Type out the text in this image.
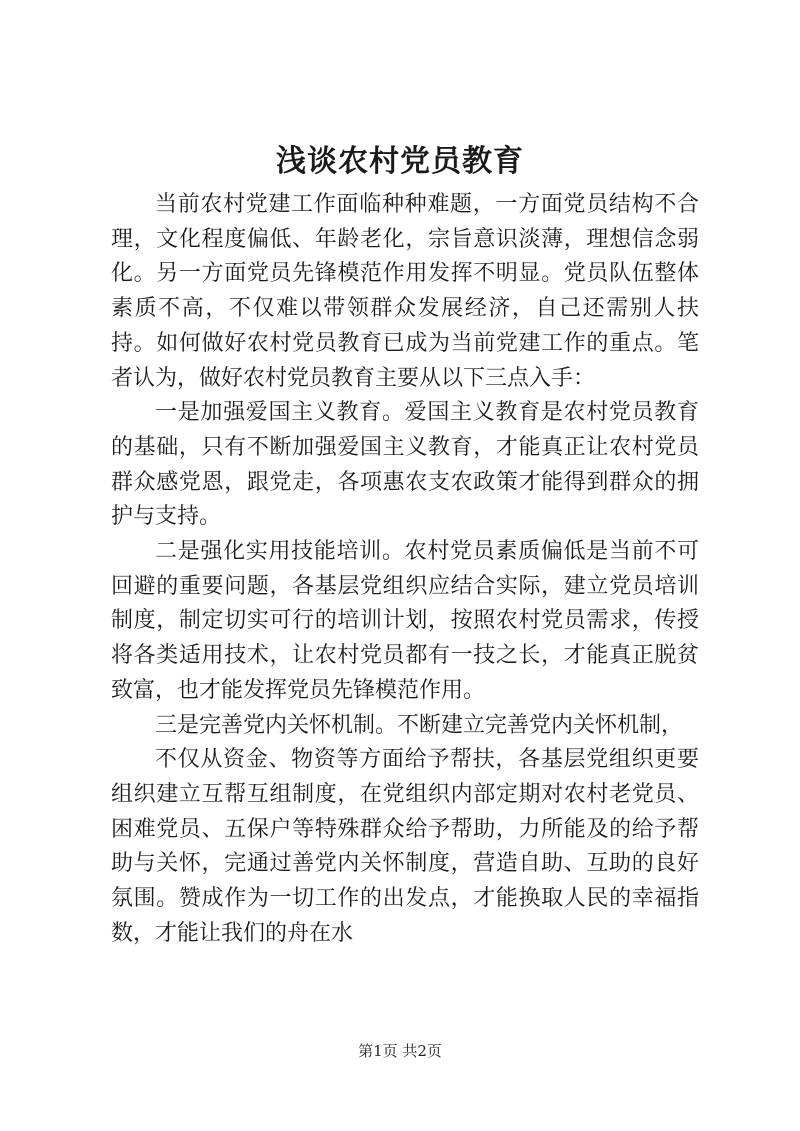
浅谈农村党员教育

当前农村党建工作面临种种难题，一方面党员结构不合理，文化程度偏低、年龄老化，宗旨意识淡薄，理想信念弱化。另一方面党员先锋模范作用发挥不明显。党员队伍整体素质不高，不仅难以带领群众发展经济，自己还需别人扶持。如何做好农村党员教育已成为当前党建工作的重点。笔者认为，做好农村党员教育主要从以下三点入手：

一是加强爱国主义教育。爱国主义教育是农村党员教育的基础，只有不断加强爱国主义教育，才能真正让农村党员群众感党恩，跟党走，各项惠农支农政策才能得到群众的拥护与支持。

二是强化实用技能培训。农村党员素质偏低是当前不可回避的重要问题，各基层党组织应结合实际，建立党员培训制度，制定切实可行的培训计划，按照农村党员需求，传授将各类适用技术，让农村党员都有一技之长，才能真正脱贫致富，也才能发挥党员先锋模范作用。

三是完善党内关怀机制。不断建立完善党内关怀机制，

不仅从资金、物资等方面给予帮扶，各基层党组织更要组织建立互帮互组制度，在党组织内部定期对农村老党员、困难党员、五保户等特殊群众给予帮助，力所能及的给予帮助与关怀，完通过善党内关怀制度，营造自助、互助的良好氛围。赞成作为一切工作的出发点，才能换取人民的幸福指数，才能让我们的舟在水

第1页 共2页
